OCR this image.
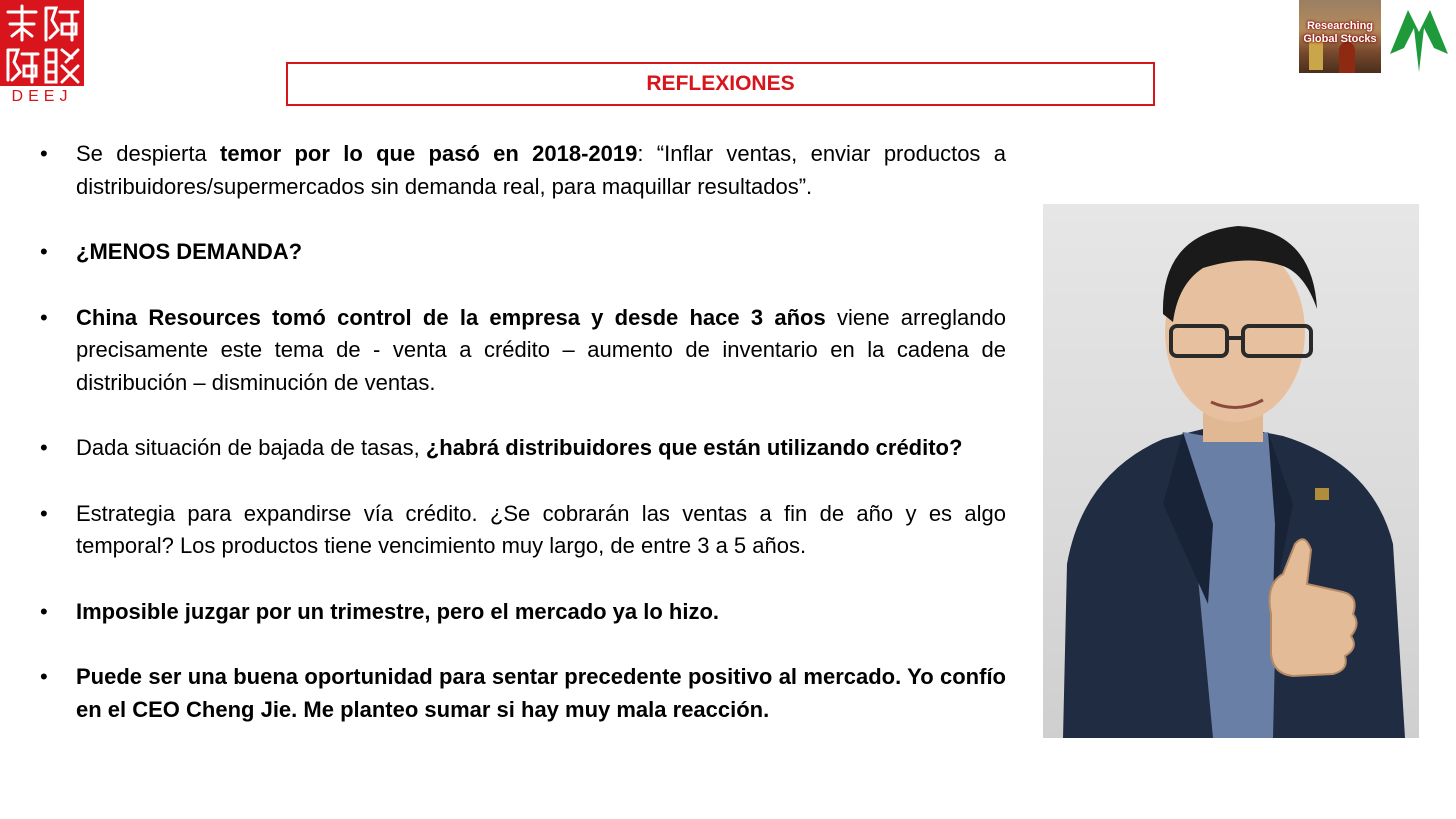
DEEJ
Researching Global Stocks
REFLEXIONES
• Se despierta temor por lo que pasó en 2018-2019: “Inflar ventas, enviar productos a distribuidores/supermercados sin demanda real, para maquillar resultados”.
• ¿MENOS DEMANDA?
• China Resources tomó control de la empresa y desde hace 3 años viene arreglando precisamente este tema de - venta a crédito – aumento de inventario en la cadena de distribución – disminución de ventas.
• Dada situación de bajada de tasas, ¿habrá distribuidores que están utilizando crédito?
• Estrategia para expandirse vía crédito. ¿Se cobrarán las ventas a fin de año y es algo temporal? Los productos tiene vencimiento muy largo, de entre 3 a 5 años.
• Imposible juzgar por un trimestre, pero el mercado ya lo hizo.
• Puede ser una buena oportunidad para sentar precedente positivo al mercado. Yo confío en el CEO Cheng Jie. Me planteo sumar si hay muy mala reacción.
